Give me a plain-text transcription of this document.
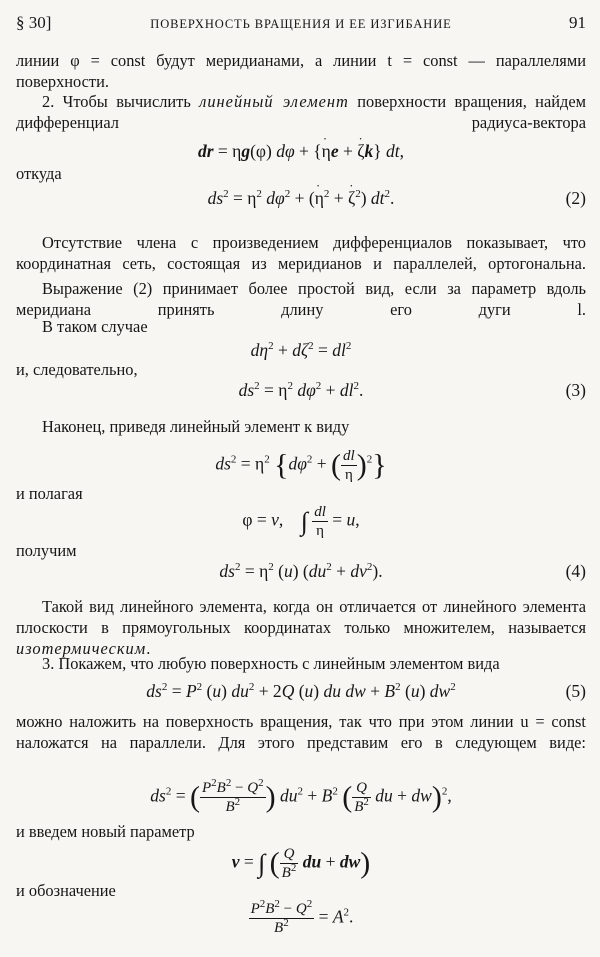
§ 30]	ПОВЕРХНОСТЬ ВРАЩЕНИЯ И ЕЕ ИЗГИБАНИЕ	91

линии φ = const будут меридианами, а линии t = const — параллелями поверхности.

2. Чтобы вычислить линейный элемент поверхности вращения, найдем дифференциал радиуса-вектора

dr = ηg(φ) dφ + {η ˙e + ζ ˙k} dt,

откуда

$ds^2 = \eta^2$ $d\varphi^2 + (\eta$ ˙$^2$ + ζ ˙$^2$) $dt^2$.	(2)

Отсутствие члена с произведением дифференциалов показывает, что координатная сеть, состоящая из меридианов и параллелей, ортогональна.

Выражение (2) принимает более простой вид, если за параметр вдоль меридиана принять длину его дуги l.

В таком случае

$d\eta^2 + d\zeta^2 = dl^2$

и, следовательно,

$ds^2 = \eta^2$ $d\varphi^2 + dl^2$.	(3)

Наконец, приведя линейный элемент к виду

$ds^2 = \eta^2$ {$d\varphi^2$ + ( $\frac{dl}{\eta} )^2$}

и полагая

φ = v,    ∫ $\frac{dl}{\eta} = u$,

получим

$ds^2 = \eta^2$ (u) $(du^2 + dv^2)$.	(4)

Такой вид линейного элемента, когда он отличается от линейного элемента плоскости в прямоугольных координатах только множителем, называется изотермическим.

3. Покажем, что любую поверхность с линейным элементом вида

$ds^2 = P^2$ (u) $du^2 + 2Q$ (u) du dw + $B^2$ (u) $dw^2$	(5)

можно наложить на поверхность вращения, так что при этом линии u = const наложатся на параллели. Для этого представим его в следующем виде:

$ds^2$ = ( $\frac{P^2B^2 - Q^2}{B^2}$ ) $du^2 + B^2$ ( $\frac{Q}{B^2}$ du + dw)$^2$,

и введем новый параметр

v = ∫ ( $\frac{Q}{B^2}$ du + dw)

и обозначение

$\frac{P^2B^2 - Q^2}{B^2} = A^2$.
